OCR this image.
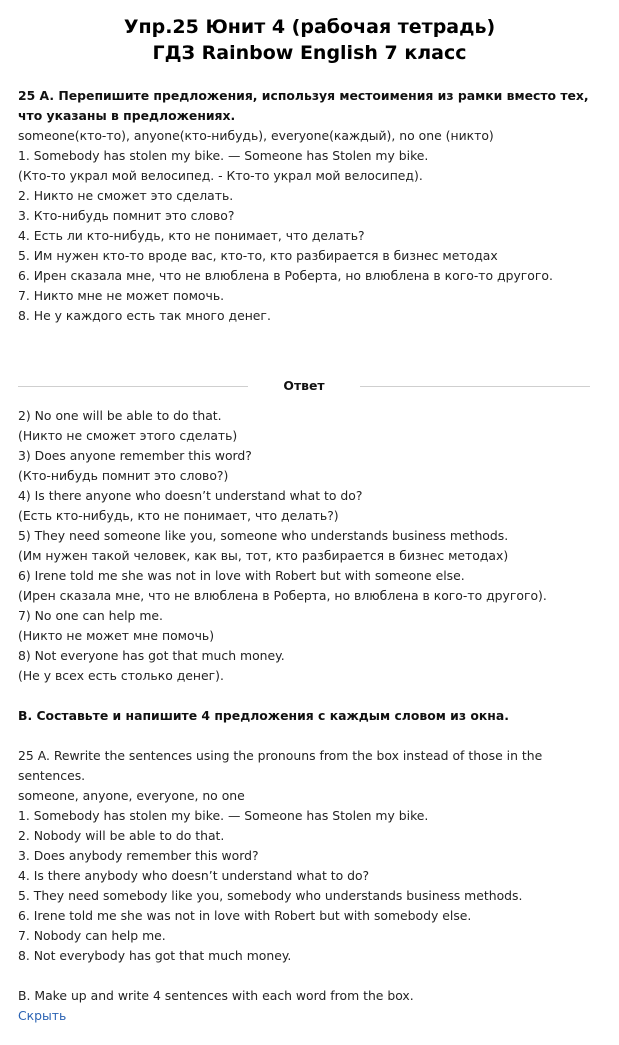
Упр.25 Юнит 4 (рабочая тетрадь)
ГДЗ Rainbow English 7 класс
25 A. Перепишите предложения, используя местоимения из рамки вместо тех,
что указаны в предложениях.
someone(кто-то), anyone(кто-нибудь), everyone(каждый), no one (никто)
1. Somebody has stolen my bike. — Someone has Stolen my bike.
(Кто-то украл мой велосипед. - Кто-то украл мой велосипед).
2. Никто не сможет это сделать.
3. Кто-нибудь помнит это слово?
4. Есть ли кто-нибудь, кто не понимает, что делать?
5. Им нужен кто-то вроде вас, кто-то, кто разбирается в бизнес методах
6. Ирен сказала мне, что не влюблена в Роберта, но влюблена в кого-то другого.
7. Никто мне не может помочь.
8. Не у каждого есть так много денег.
Ответ
2) No one will be able to do that.
(Никто не сможет этого сделать)
3) Does anyone remember this word?
(Кто-нибудь помнит это слово?)
4) Is there anyone who doesn’t understand what to do?
(Есть кто-нибудь, кто не понимает, что делать?)
5) They need someone like you, someone who understands business methods.
(Им нужен такой человек, как вы, тот, кто разбирается в бизнес методах)
6) Irene told me she was not in love with Robert but with someone else.
(Ирен сказала мне, что не влюблена в Роберта, но влюблена в кого-то другого).
7) No one can help me.
(Никто не может мне помочь)
8) Not everyone has got that much money.
(Не у всех есть столько денег).
B. Составьте и напишите 4 предложения с каждым словом из окна.
25 A. Rewrite the sentences using the pronouns from the box instead of those in the
sentences.
someone, anyone, everyone, no one
1. Somebody has stolen my bike. — Someone has Stolen my bike.
2. Nobody will be able to do that.
3. Does anybody remember this word?
4. Is there anybody who doesn’t understand what to do?
5. They need somebody like you, somebody who understands business methods.
6. Irene told me she was not in love with Robert but with somebody else.
7. Nobody can help me.
8. Not everybody has got that much money.
B. Make up and write 4 sentences with each word from the box.
Скрыть
